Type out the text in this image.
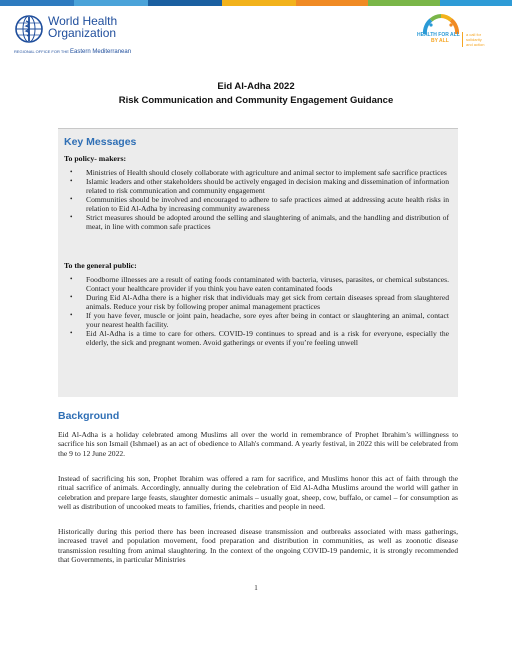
World Health
Organization
REGIONAL OFFICE FOR THE Eastern Mediterranean
HEALTH FOR ALL
BY ALL
a call for
solidarity
and action
Eid Al-Adha 2022
Risk Communication and Community Engagement Guidance
Key Messages
To policy- makers:
• Ministries of Health should closely collaborate with agriculture and animal sector to implement safe sacrifice practices
• Islamic leaders and other stakeholders should be actively engaged in decision making and dissemination of information related to risk communication and community engagement
• Communities should be involved and encouraged to adhere to safe practices aimed at addressing acute health risks in relation to Eid Al-Adha by increasing community awareness
• Strict measures should be adopted around the selling and slaughtering of animals, and the handling and distribution of meat, in line with common safe practices
To the general public:
• Foodborne illnesses are a result of eating foods contaminated with bacteria, viruses, parasites, or chemical substances. Contact your healthcare provider if you think you have eaten contaminated foods
• During Eid Al-Adha there is a higher risk that individuals may get sick from certain diseases spread from slaughtered animals. Reduce your risk by following proper animal management practices
• If you have fever, muscle or joint pain, headache, sore eyes after being in contact or slaughtering an animal, contact your nearest health facility.
• Eid Al-Adha is a time to care for others. COVID-19 continues to spread and is a risk for everyone, especially the elderly, the sick and pregnant women. Avoid gatherings or events if you’re feeling unwell
Background

Eid Al-Adha is a holiday celebrated among Muslims all over the world in remembrance of Prophet Ibrahim’s willingness to sacrifice his son Ismail (Ishmael) as an act of obedience to Allah's command. A yearly festival, in 2022 this will be celebrated from the 9 to 12 June 2022.

Instead of sacrificing his son, Prophet Ibrahim was offered a ram for sacrifice, and Muslims honor this act of faith through the ritual sacrifice of animals. Accordingly, annually during the celebration of Eid Al-Adha Muslims around the world will gather in celebration and prepare large feasts, slaughter domestic animals – usually goat, sheep, cow, buffalo, or camel – for consumption as well as distribution of uncooked meats to families, friends, charities and people in need.

Historically during this period there has been increased disease transmission and outbreaks associated with mass gatherings, increased travel and population movement, food preparation and distribution in communities, as well as zoonotic disease transmission resulting from animal slaughtering. In the context of the ongoing COVID-19 pandemic, it is strongly recommended that Governments, in particular Ministries

1
